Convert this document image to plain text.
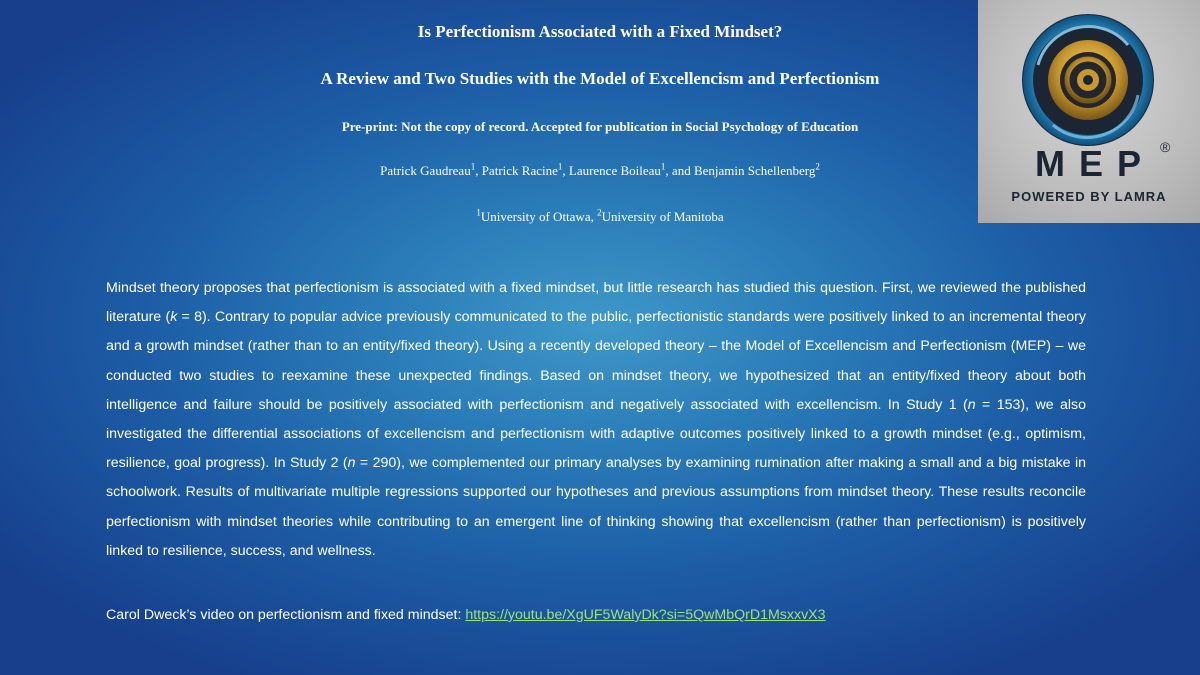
Is Perfectionism Associated with a Fixed Mindset?
A Review and Two Studies with the Model of Excellencism and Perfectionism
Pre-print: Not the copy of record. Accepted for publication in Social Psychology of Education
Patrick Gaudreau$^1$, Patrick Racine$^1$, Laurence Boileau$^1$, and Benjamin Schellenberg$^2$
$^1$University of Ottawa, $^2$University of Manitoba
M E P ®
POWERED BY LAMRA
Mindset theory proposes that perfectionism is associated with a fixed mindset, but little research has studied this question. First, we reviewed the published literature (k = 8). Contrary to popular advice previously communicated to the public, perfectionistic standards were positively linked to an incremental theory and a growth mindset (rather than to an entity/fixed theory). Using a recently developed theory – the Model of Excellencism and Perfectionism (MEP) – we conducted two studies to reexamine these unexpected findings. Based on mindset theory, we hypothesized that an entity/fixed theory about both intelligence and failure should be positively associated with perfectionism and negatively associated with excellencism. In Study 1 (n = 153), we also investigated the differential associations of excellencism and perfectionism with adaptive outcomes positively linked to a growth mindset (e.g., optimism, resilience, goal progress). In Study 2 (n = 290), we complemented our primary analyses by examining rumination after making a small and a big mistake in schoolwork. Results of multivariate multiple regressions supported our hypotheses and previous assumptions from mindset theory. These results reconcile perfectionism with mindset theories while contributing to an emergent line of thinking showing that excellencism (rather than perfectionism) is positively linked to resilience, success, and wellness.
Carol Dweck’s video on perfectionism and fixed mindset: https://youtu.be/XgUF5WalyDk?si=5QwMbQrD1MsxxvX3
